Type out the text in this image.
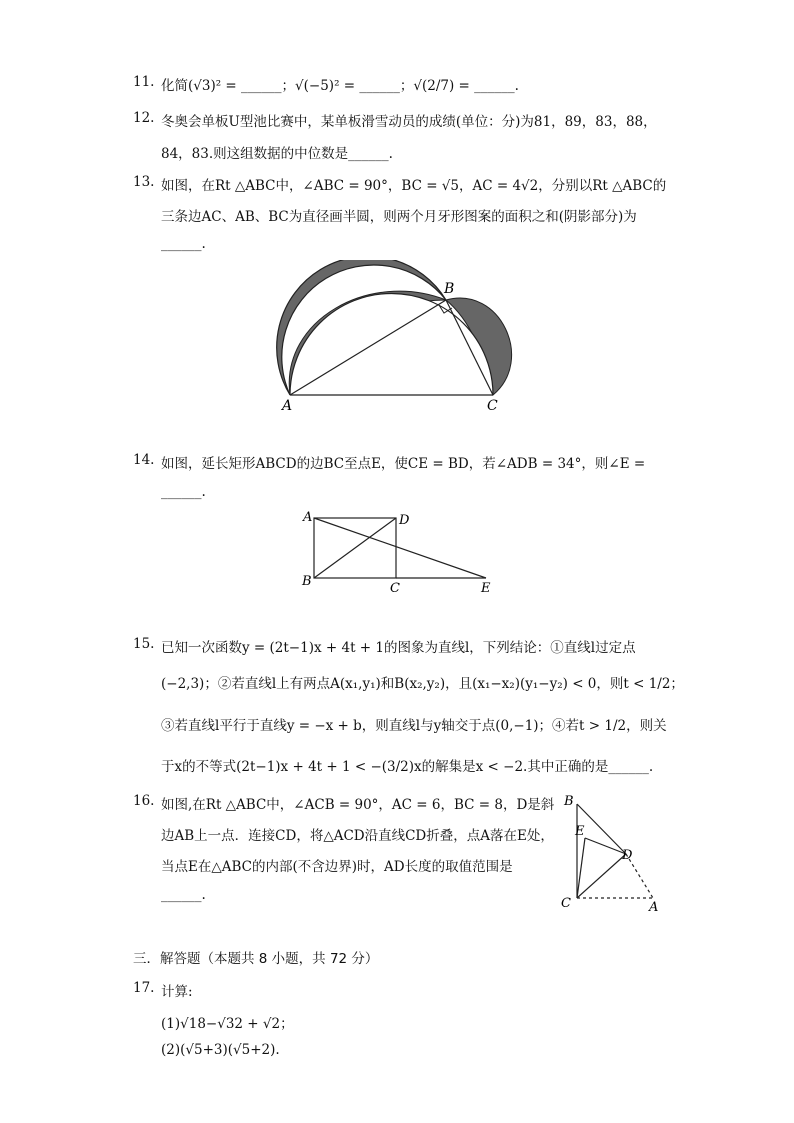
11. 化简(√3)² = ______；√(−5)² = ______；√(2/7) = ______.
12. 冬奥会单板U型池比赛中，某单板滑雪动员的成绩(单位：分)为81，89，83，88，
84，83.则这组数据的中位数是______.
13. 如图，在Rt △ABC中，∠ABC = 90°，BC = √5，AC = 4√2，分别以Rt △ABC的
三条边AC、AB、BC为直径画半圆，则两个月牙形图案的面积之和(阴影部分)为
______.
A
B
C
14. 如图，延长矩形ABCD的边BC至点E，使CE = BD，若∠ADB = 34°，则∠E =
______.
A	D
B	C	E
15. 已知一次函数y = (2t−1)x + 4t + 1的图象为直线l，下列结论：①直线l过定点
(−2,3)；②若直线l上有两点A(x₁,y₁)和B(x₂,y₂)，且(x₁−x₂)(y₁−y₂) < 0，则t < 1/2；
③若直线l平行于直线y = −x + b，则直线l与y轴交于点(0,−1)；④若t > 1/2，则关
于x的不等式(2t−1)x + 4t + 1 < −(3/2)x的解集是x < −2.其中正确的是______.
16. 如图,在Rt △ABC中，∠ACB = 90°，AC = 6，BC = 8，D是斜
边AB上一点．连接CD，将△ACD沿直线CD折叠，点A落在E处，
当点E在△ABC的内部(不含边界)时，AD长度的取值范围是
______.
B
E
D
C	A
三．解答题（本题共 8 小题，共 72 分）
17. 计算:
(1)√18−√32 + √2；
(2)(√5+3)(√5+2).
